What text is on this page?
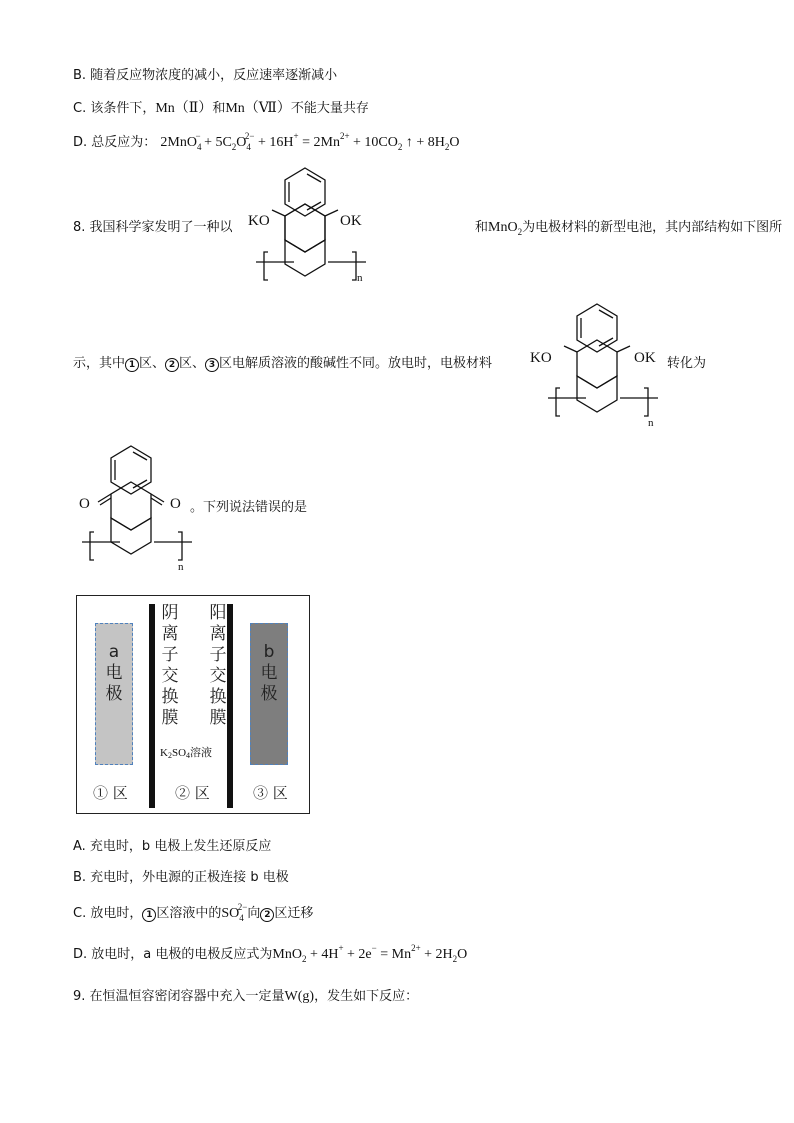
B. 随着反应物浓度的减小，反应速率逐渐减小
C. 该条件下，Mn（Ⅱ）和Mn（Ⅶ）不能大量共存
D. 总反应为： $2MnO_4^- + 5C_2O_4^{2-} + 16H^+ = 2Mn^{2+} + 10CO_2$ ↑ + $8H_2O$
8. 我国科学家发明了一种以	和MnO$_2$为电极材料的新型电池，其内部结构如下图所
KO	OK
n
示，其中 1 区、 2 区、 3 区电解质溶液的酸碱性不同。放电时，电极材料	转化为
KO	OK
n
O	O
n
。下列说法错误的是
a
电
极
b
电
极
阴
离
子
交
换
膜
阳
离
子
交
换
膜
$K_2SO_4$溶液
① 区	② 区	③ 区
A. 充电时，b 电极上发生还原反应
B. 充电时，外电源的正极连接 b 电极
C. 放电时， 1 区溶液中的$SO_4^{2-}$向 2 区迁移
D. 放电时，a 电极的电极反应式为$MnO_2 + 4H^+ + 2e^- = Mn^{2+} + 2H_2O$
9. 在恒温恒容密闭容器中充入一定量W(g)，发生如下反应：
